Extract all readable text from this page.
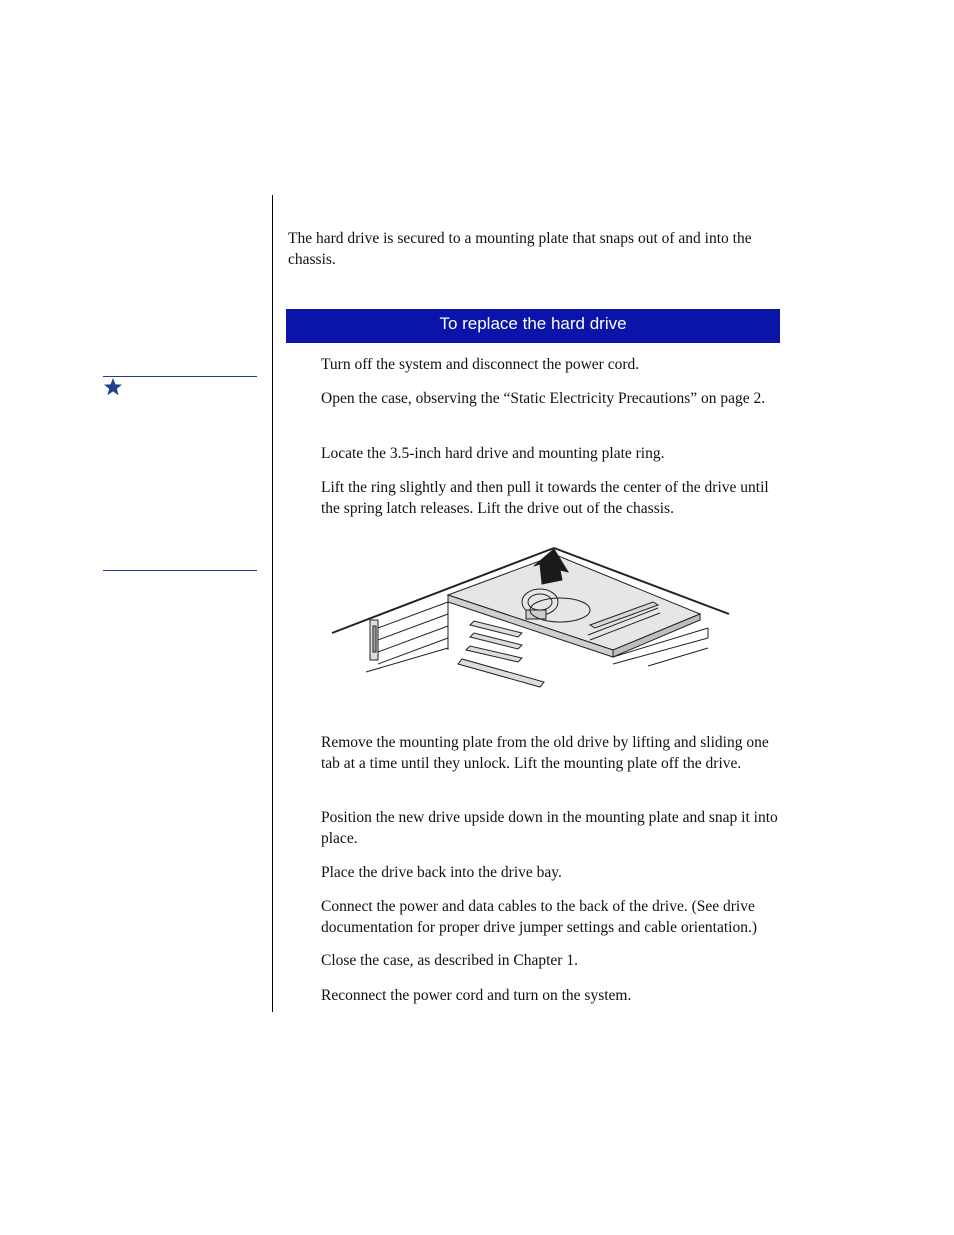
The hard drive is secured to a mounting plate that snaps out of and into the chassis.

To replace the hard drive

Turn off the system and disconnect the power cord.

Open the case, observing the “Static Electricity Precautions” on page 2.

Locate the 3.5-inch hard drive and mounting plate ring.

Lift the ring slightly and then pull it towards the center of the drive until the spring latch releases. Lift the drive out of the chassis.

Remove the mounting plate from the old drive by lifting and sliding one tab at a time until they unlock. Lift the mounting plate off the drive.

Position the new drive upside down in the mounting plate and snap it into place.

Place the drive back into the drive bay.

Connect the power and data cables to the back of the drive. (See drive documentation for proper drive jumper settings and cable orientation.)

Close the case, as described in Chapter 1.

Reconnect the power cord and turn on the system.
